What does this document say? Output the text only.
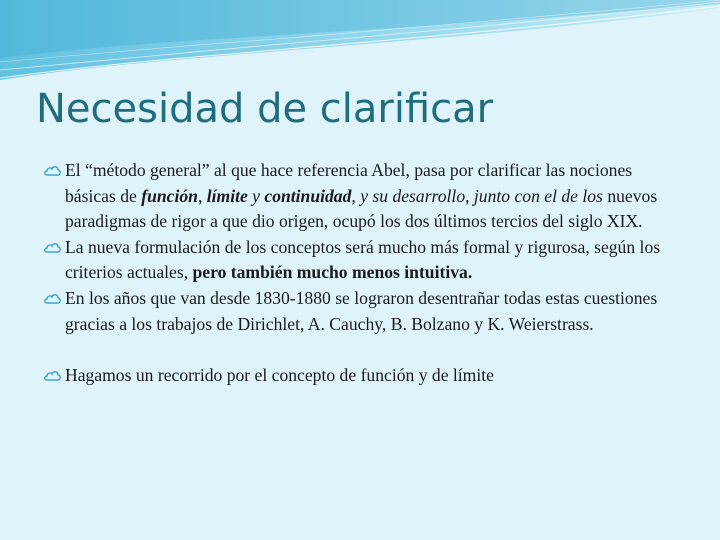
Necesidad de clarificar
El “método general” al que hace referencia Abel, pasa por clarificar las nociones básicas de función, límite y continuidad, y su desarrollo, junto con el de los nuevos paradigmas de rigor a que dio origen, ocupó los dos últimos tercios del siglo XIX.
La nueva formulación de los conceptos será mucho más formal y rigurosa, según los criterios actuales, pero también mucho menos intuitiva.
En los años que van desde 1830-1880 se lograron desentrañar todas estas cuestiones gracias a los trabajos de Dirichlet, A. Cauchy, B. Bolzano y K. Weierstrass.
Hagamos un recorrido por el concepto de función y de límite
